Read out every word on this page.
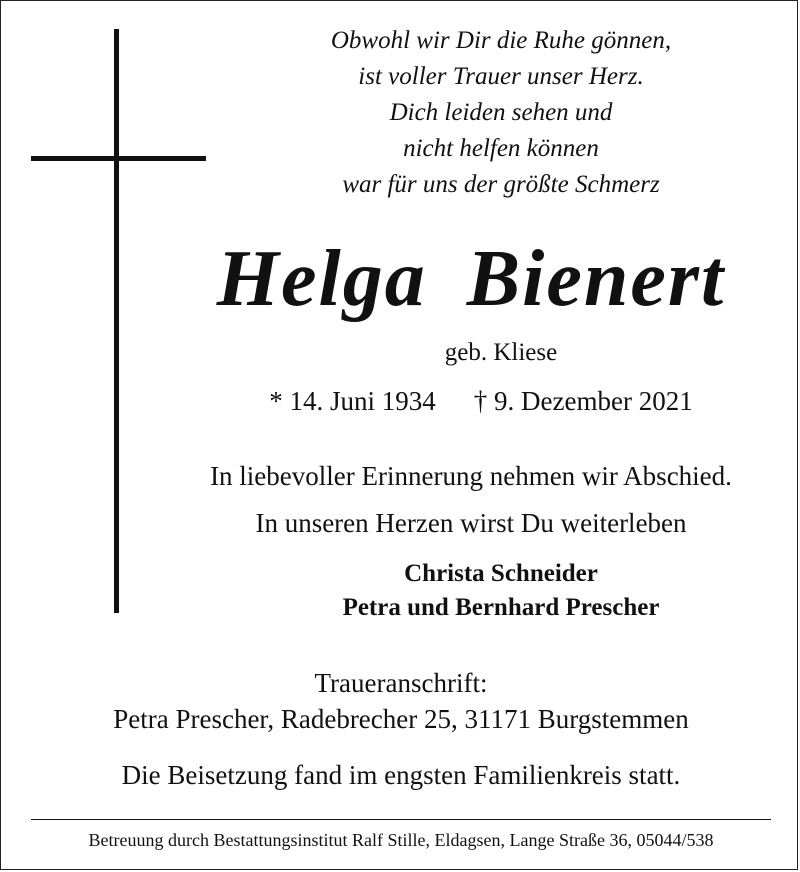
Obwohl wir Dir die Ruhe gönnen,
ist voller Trauer unser Herz.
Dich leiden sehen und
nicht helfen können
war für uns der größte Schmerz
Helga Bienert
geb. Kliese
* 14. Juni 1934 † 9. Dezember 2021
In liebevoller Erinnerung nehmen wir Abschied.
In unseren Herzen wirst Du weiterleben
Christa Schneider
Petra und Bernhard Prescher
Traueranschrift:
Petra Prescher, Radebrecher 25, 31171 Burgstemmen
Die Beisetzung fand im engsten Familienkreis statt.
Betreuung durch Bestattungsinstitut Ralf Stille, Eldagsen, Lange Straße 36, 05044/538
